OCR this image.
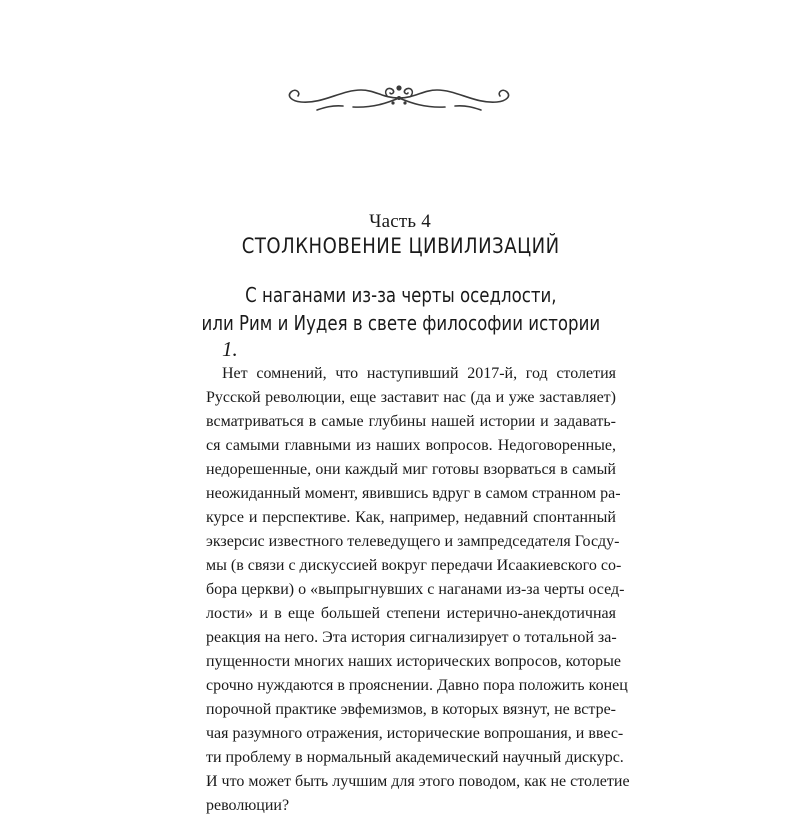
Часть 4
СТОЛКНОВЕНИЕ ЦИВИЛИЗАЦИЙ
С наганами из-за черты оседлости,
или Рим и Иудея в свете философии истории
1.
Нет сомнений, что наступивший 2017-й, год столетия
Русской революции, еще заставит нас (да и уже заставляет)
всматриваться в самые глубины нашей истории и задавать-
ся самыми главными из наших вопросов. Недоговоренные,
недорешенные, они каждый миг готовы взорваться в самый
неожиданный момент, явившись вдруг в самом странном ра-
курсе и перспективе. Как, например, недавний спонтанный
экзерсис известного телеведущего и зампредседателя Госду-
мы (в связи с дискуссией вокруг передачи Исаакиевского со-
бора церкви) о «выпрыгнувших с наганами из-за черты осед-
лости» и в еще большей степени истерично-анекдотичная
реакция на него. Эта история сигнализирует о тотальной за-
пущенности многих наших исторических вопросов, которые
срочно нуждаются в прояснении. Давно пора положить конец
порочной практике эвфемизмов, в которых вязнут, не встре-
чая разумного отражения, исторические вопрошания, и ввес-
ти проблему в нормальный академический научный дискурс.
И что может быть лучшим для этого поводом, как не столетие
революции?
